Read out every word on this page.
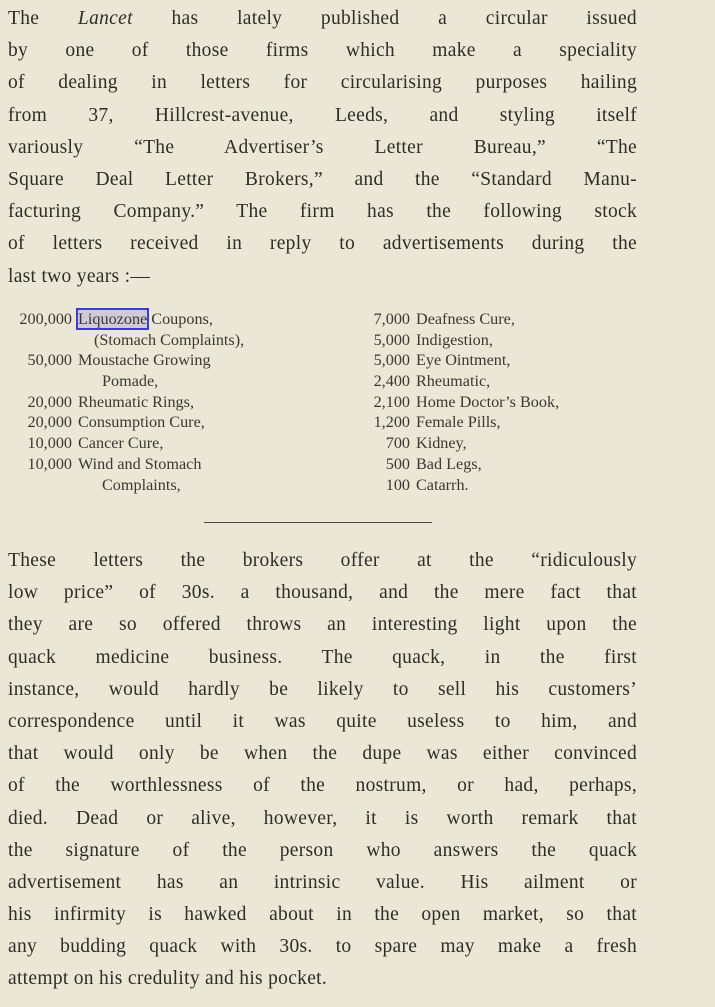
The Lancet has lately published a circular issued
by one of those firms which make a speciality
of dealing in letters for circularising purposes hailing
from 37, Hillcrest-avenue, Leeds, and styling itself
variously “The Advertiser’s Letter Bureau,” “The
Square Deal Letter Brokers,” and the “Standard Manu-
facturing Company.” The firm has the following stock
of letters received in reply to advertisements during the
last two years :—
200,000 Liquozone Coupons,
(Stomach Complaints),
50,000 Moustache Growing
Pomade,
20,000 Rheumatic Rings,
20,000 Consumption Cure,
10,000 Cancer Cure,
10,000 Wind and Stomach
Complaints,
7,000 Deafness Cure,
5,000 Indigestion,
5,000 Eye Ointment,
2,400 Rheumatic,
2,100 Home Doctor’s Book,
1,200 Female Pills,
700 Kidney,
500 Bad Legs,
100 Catarrh.
These letters the brokers offer at the “ridiculously
low price” of 30s. a thousand, and the mere fact that
they are so offered throws an interesting light upon the
quack medicine business. The quack, in the first
instance, would hardly be likely to sell his customers’
correspondence until it was quite useless to him, and
that would only be when the dupe was either convinced
of the worthlessness of the nostrum, or had, perhaps,
died. Dead or alive, however, it is worth remark that
the signature of the person who answers the quack
advertisement has an intrinsic value. His ailment or
his infirmity is hawked about in the open market, so that
any budding quack with 30s. to spare may make a fresh
attempt on his credulity and his pocket.
